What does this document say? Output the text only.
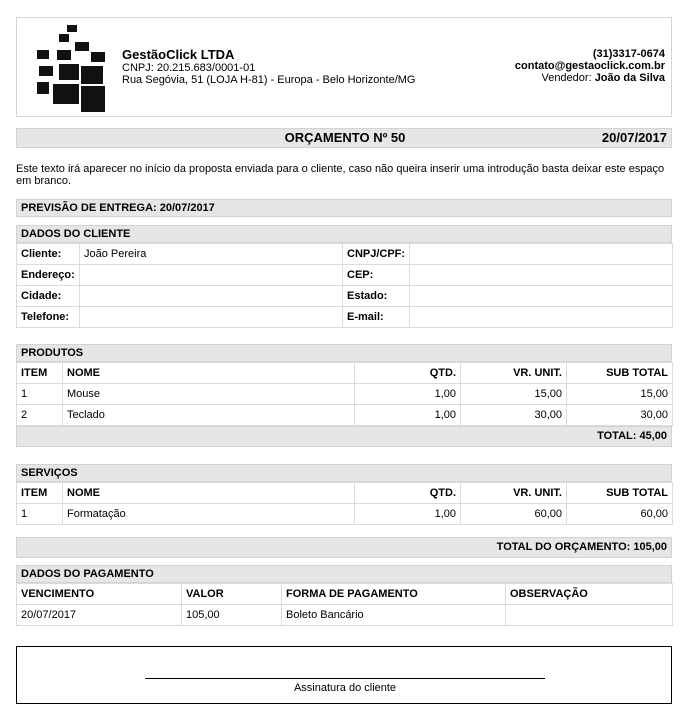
GestãoClick LTDA
CNPJ: 20.215.683/0001-01
Rua Segóvia, 51 (LOJA H-81) - Europa - Belo Horizonte/MG
(31)3317-0674
contato@gestaoclick.com.br
Vendedor: João da Silva
ORÇAMENTO Nº 50	20/07/2017
Este texto irá aparecer no início da proposta enviada para o cliente, caso não queira inserir uma introdução basta deixar este espaço em branco.
PREVISÃO DE ENTREGA: 20/07/2017
DADOS DO CLIENTE
Cliente:	João Pereira	CNPJ/CPF:	
Endereço:		CEP:	
Cidade:		Estado:	
Telefone:		E-mail:	
PRODUTOS
ITEM	NOME	QTD.	VR. UNIT.	SUB TOTAL
1	Mouse	1,00	15,00	15,00
2	Teclado	1,00	30,00	30,00
TOTAL: 45,00
SERVIÇOS
ITEM	NOME	QTD.	VR. UNIT.	SUB TOTAL
1	Formatação	1,00	60,00	60,00
TOTAL DO ORÇAMENTO: 105,00
DADOS DO PAGAMENTO
VENCIMENTO	VALOR	FORMA DE PAGAMENTO	OBSERVAÇÃO
20/07/2017	105,00	Boleto Bancário	
Assinatura do cliente
